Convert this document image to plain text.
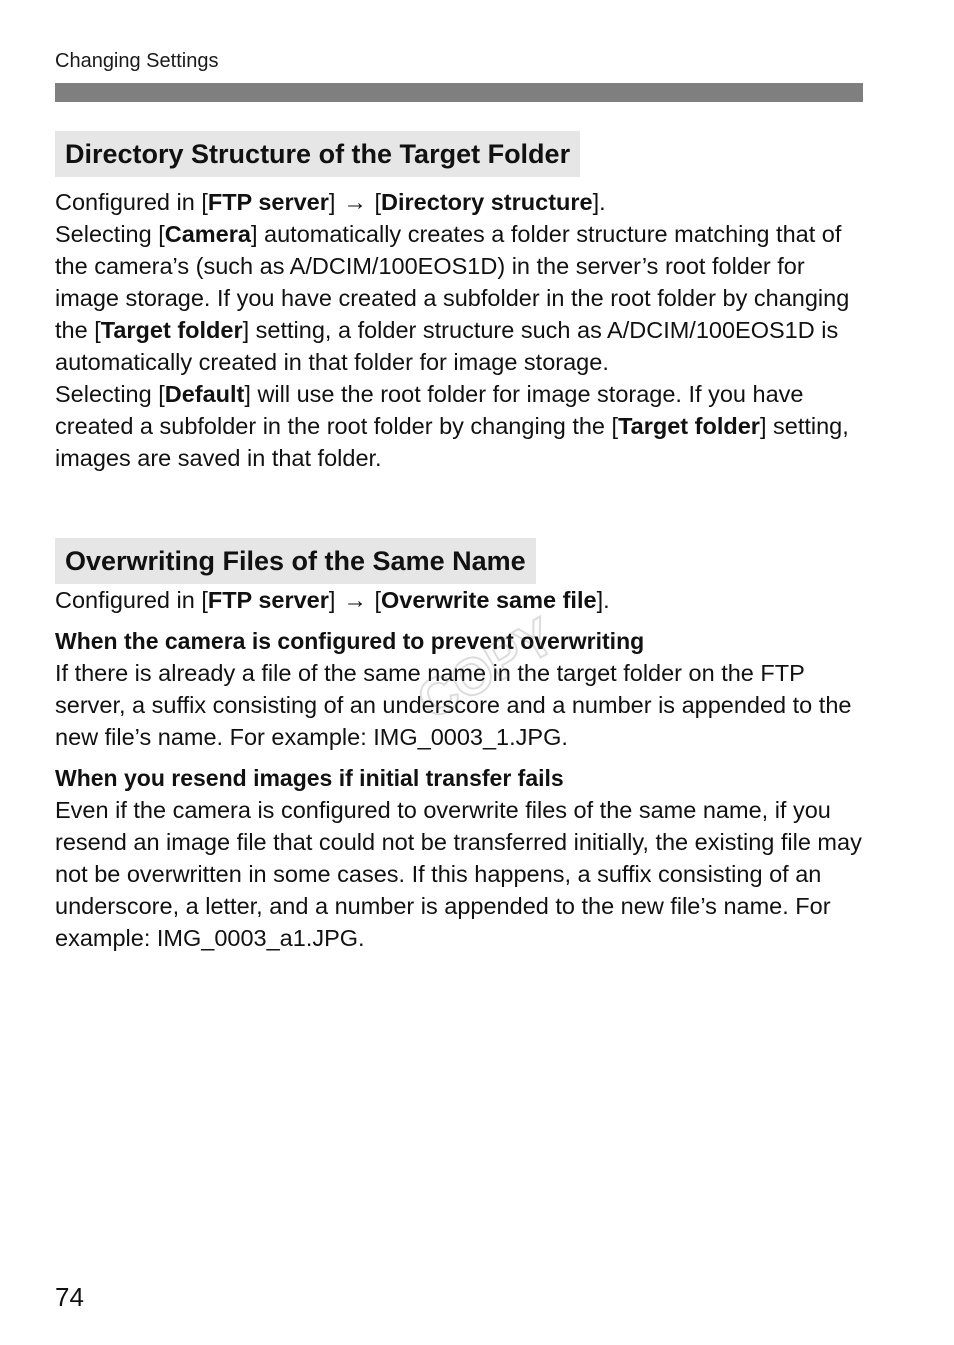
Changing Settings
Directory Structure of the Target Folder

Configured in [FTP server] → [Directory structure].

Selecting [Camera] automatically creates a folder structure matching that of the camera’s (such as A/DCIM/100EOS1D) in the server’s root folder for image storage. If you have created a subfolder in the root folder by changing the [Target folder] setting, a folder structure such as A/DCIM/100EOS1D is automatically created in that folder for image storage.

Selecting [Default] will use the root folder for image storage. If you have created a subfolder in the root folder by changing the [Target folder] setting, images are saved in that folder.

Overwriting Files of the Same Name

Configured in [FTP server] → [Overwrite same file].

When the camera is configured to prevent overwriting

If there is already a file of the same name in the target folder on the FTP server, a suffix consisting of an underscore and a number is appended to the new file’s name. For example: IMG_0003_1.JPG.

When you resend images if initial transfer fails

Even if the camera is configured to overwrite files of the same name, if you resend an image file that could not be transferred initially, the existing file may not be overwritten in some cases. If this happens, a suffix consisting of an underscore, a letter, and a number is appended to the new file’s name. For example: IMG_0003_a1.JPG.

COPY
74
